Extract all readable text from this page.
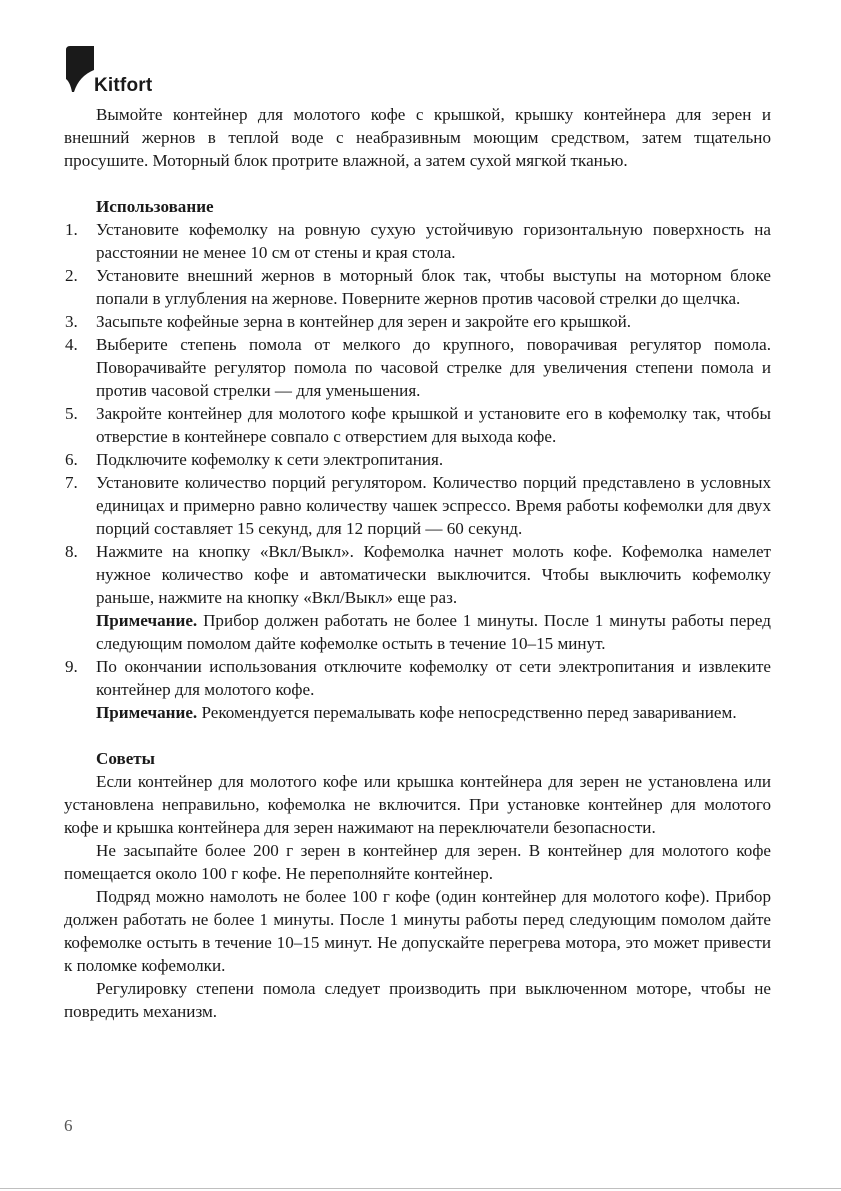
Kitfort

Вымойте контейнер для молотого кофе с крышкой, крышку контейнера для зерен и внешний жернов в теплой воде с неабразивным моющим средством, затем тщательно просушите. Моторный блок протрите влажной, а затем сухой мягкой тканью.

Использование

1. Установите кофемолку на ровную сухую устойчивую горизонтальную поверхность на расстоянии не менее 10 см от стены и края стола.
2. Установите внешний жернов в моторный блок так, чтобы выступы на моторном блоке попали в углубления на жернове. Поверните жернов против часовой стрелки до щелчка.
3. Засыпьте кофейные зерна в контейнер для зерен и закройте его крышкой.
4. Выберите степень помола от мелкого до крупного, поворачивая регулятор помола. Поворачивайте регулятор помола по часовой стрелке для увеличения степени помола и против часовой стрелки — для уменьшения.
5. Закройте контейнер для молотого кофе крышкой и установите его в кофемолку так, чтобы отверстие в контейнере совпало с отверстием для выхода кофе.
6. Подключите кофемолку к сети электропитания.
7. Установите количество порций регулятором. Количество порций представлено в условных единицах и примерно равно количеству чашек эспрессо. Время работы кофемолки для двух порций составляет 15 секунд, для 12 порций — 60 секунд.
8. Нажмите на кнопку «Вкл/Выкл». Кофемолка начнет молоть кофе. Кофемолка намелет нужное количество кофе и автоматически выключится. Чтобы выключить кофемолку раньше, нажмите на кнопку «Вкл/Выкл» еще раз.

Примечание. Прибор должен работать не более 1 минуты. После 1 минуты работы перед следующим помолом дайте кофемолке остыть в течение 10–15 минут.

9. По окончании использования отключите кофемолку от сети электропитания и извлеките контейнер для молотого кофе.

Примечание. Рекомендуется перемалывать кофе непосредственно перед завариванием.

Советы

Если контейнер для молотого кофе или крышка контейнера для зерен не установлена или установлена неправильно, кофемолка не включится. При установке контейнер для молотого кофе и крышка контейнера для зерен нажимают на переключатели безопасности.

Не засыпайте более 200 г зерен в контейнер для зерен. В контейнер для молотого кофе помещается около 100 г кофе. Не переполняйте контейнер.

Подряд можно намолоть не более 100 г кофе (один контейнер для молотого кофе). Прибор должен работать не более 1 минуты. После 1 минуты работы перед следующим помолом дайте кофемолке остыть в течение 10–15 минут. Не допускайте перегрева мотора, это может привести к поломке кофемолки.

Регулировку степени помола следует производить при выключенном моторе, чтобы не повредить механизм.

6
